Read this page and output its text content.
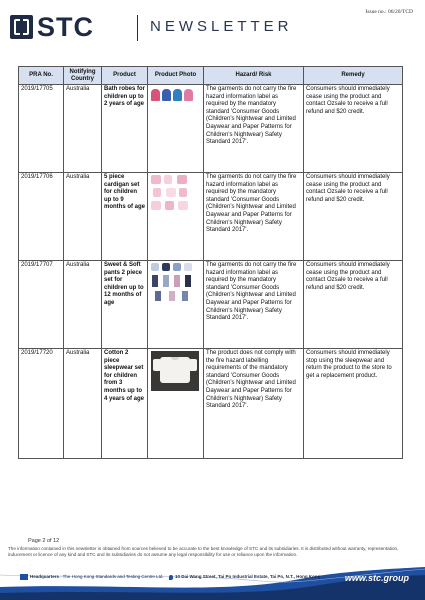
STC	NEWSLETTER
Issue no.: 06/20/TCD
PRA No.	Notifying Country	Product	Product Photo	Hazard/ Risk	Remedy
2019/17705	Australia	Bath robes for children up to 2 years of age		The garments do not carry the fire hazard information label as required by the mandatory standard 'Consumer Goods (Children's Nightwear and Limited Daywear and Paper Patterns for Children's Nightwear) Safety Standard 2017'.	Consumers should immediately cease using the product and contact Ozsale to receive a full refund and $20 credit.
2019/17706	Australia	5 piece cardigan set for children up to 9 months of age		The garments do not carry the fire hazard information label as required by the mandatory standard 'Consumer Goods (Children's Nightwear and Limited Daywear and Paper Patterns for Children's Nightwear) Safety Standard 2017'.	Consumers should immediately cease using the product and contact Ozsale to receive a full refund and $20 credit.
2019/17707	Australia	Sweet & Soft pants 2 piece set for children up to 12 months of age		The garments do not carry the fire hazard information label as required by the mandatory standard 'Consumer Goods (Children's Nightwear and Limited Daywear and Paper Patterns for Children's Nightwear) Safety Standard 2017'.	Consumers should immediately cease using the product and contact Ozsale to receive a full refund and $20 credit.
2019/17720	Australia	Cotton 2 piece sleepwear set for children from 3 months up to 4 years of age		The product does not comply with the fire hazard labelling requirements of the mandatory standard 'Consumer Goods (Children's Nightwear and Limited Daywear and Paper Patterns for Children's Nightwear) Safety Standard 2017'.	Consumers should immediately stop using the sleepwear and return the product to the store to get a replacement product.
Page 2 of 12
The information contained in this newsletter is obtained from sources believed to be accurate to the best knowledge of STC and its subsidiaries. It is distributed without warranty, representation, inducement or licence of any kind and STC and its subsidiaries do not assume any legal responsibility for use or reliance upon the information.
Headquarters : The Hong Kong Standards and Testing Centre Ltd.	10 Dai Wang Street, Tai Po Industrial Estate, Tai Po, N.T., Hong Kong	www.stc.group
